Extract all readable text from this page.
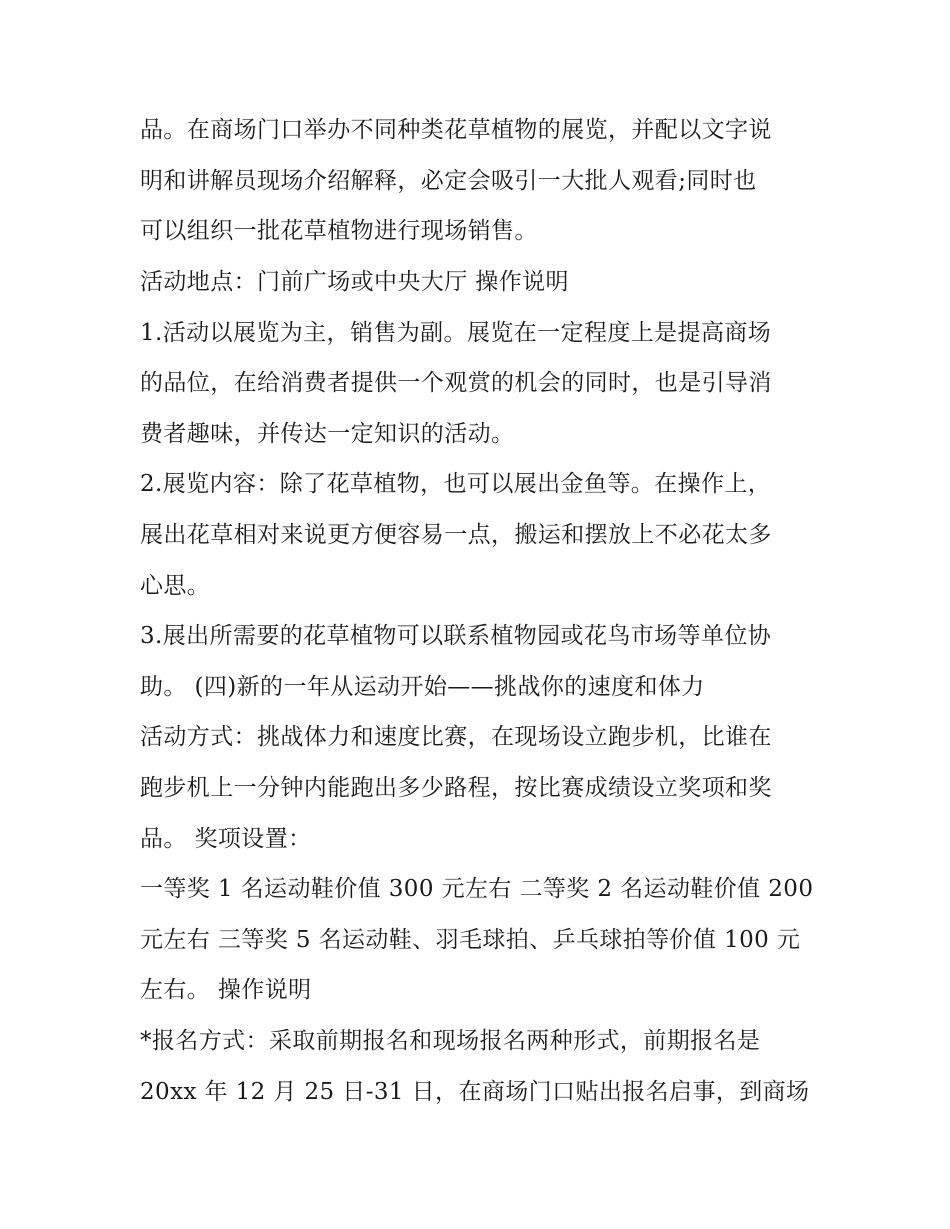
品。在商场门口举办不同种类花草植物的展览，并配以文字说
明和讲解员现场介绍解释，必定会吸引一大批人观看;同时也
可以组织一批花草植物进行现场销售。
活动地点：门前广场或中央大厅 操作说明
1.活动以展览为主，销售为副。展览在一定程度上是提高商场
的品位，在给消费者提供一个观赏的机会的同时，也是引导消
费者趣味，并传达一定知识的活动。
2.展览内容：除了花草植物，也可以展出金鱼等。在操作上，
展出花草相对来说更方便容易一点，搬运和摆放上不必花太多
心思。
3.展出所需要的花草植物可以联系植物园或花鸟市场等单位协
助。 (四)新的一年从运动开始——挑战你的速度和体力
活动方式：挑战体力和速度比赛，在现场设立跑步机，比谁在
跑步机上一分钟内能跑出多少路程，按比赛成绩设立奖项和奖
品。 奖项设置：
一等奖 1 名运动鞋价值 300 元左右 二等奖 2 名运动鞋价值 200
元左右 三等奖 5 名运动鞋、羽毛球拍、乒乓球拍等价值 100 元
左右。 操作说明
*报名方式：采取前期报名和现场报名两种形式，前期报名是
20xx 年 12 月 25 日-31 日，在商场门口贴出报名启事，到商场
